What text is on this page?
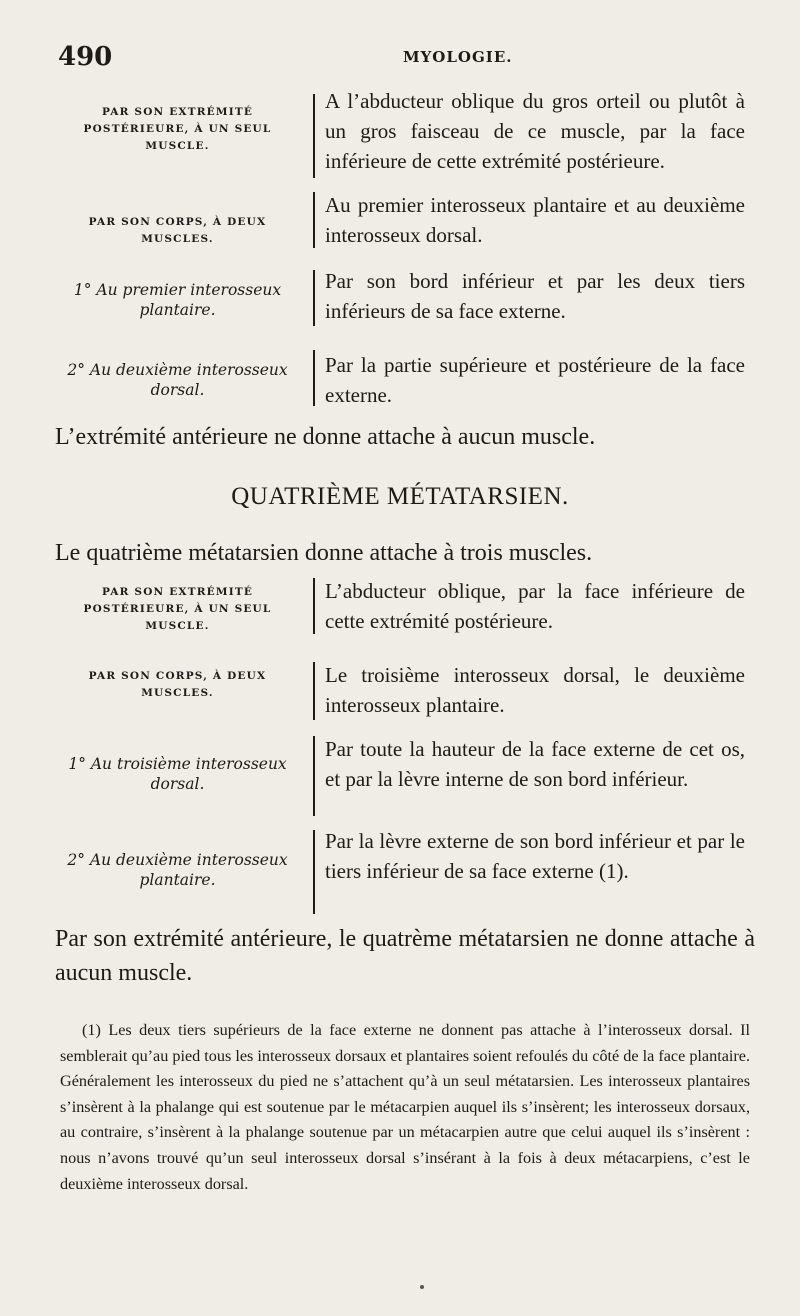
490	MYOLOGIE.
PAR SON EXTRÉMITÉ POSTÉRIEURE, À UN SEUL MUSCLE.
A l’abducteur oblique du gros orteil ou plutôt à un gros faisceau de ce muscle, par la face inférieure de cette extrémité postérieure.
PAR SON CORPS, À DEUX MUSCLES.
Au premier interosseux plantaire et au deuxième interosseux dorsal.
1° Au premier interosseux plantaire.
Par son bord inférieur et par les deux tiers inférieurs de sa face externe.
2° Au deuxième interosseux dorsal.
Par la partie supérieure et postérieure de la face externe.
L’extrémité antérieure ne donne attache à aucun muscle.
QUATRIÈME MÉTATARSIEN.
Le quatrième métatarsien donne attache à trois muscles.
PAR SON EXTRÉMITÉ POSTÉRIEURE, À UN SEUL MUSCLE.
L’abducteur oblique, par la face inférieure de cette extrémité postérieure.
PAR SON CORPS, À DEUX MUSCLES.
Le troisième interosseux dorsal, le deuxième interosseux plantaire.
1° Au troisième interosseux dorsal.
Par toute la hauteur de la face externe de cet os, et par la lèvre interne de son bord inférieur.
2° Au deuxième interosseux plantaire.
Par la lèvre externe de son bord inférieur et par le tiers inférieur de sa face externe (1).
Par son extrémité antérieure, le quatrème métatarsien ne donne attache à aucun muscle.
(1) Les deux tiers supérieurs de la face externe ne donnent pas attache à l’interosseux dorsal. Il semblerait qu’au pied tous les interosseux dorsaux et plantaires soient refoulés du côté de la face plantaire. Généralement les interosseux du pied ne s’attachent qu’à un seul métatarsien. Les interosseux plantaires s’insèrent à la phalange qui est soutenue par le métacarpien auquel ils s’insèrent; les interosseux dorsaux, au contraire, s’insèrent à la phalange soutenue par un métacarpien autre que celui auquel ils s’insèrent : nous n’avons trouvé qu’un seul interosseux dorsal s’insérant à la fois à deux métacarpiens, c’est le deuxième interosseux dorsal.
